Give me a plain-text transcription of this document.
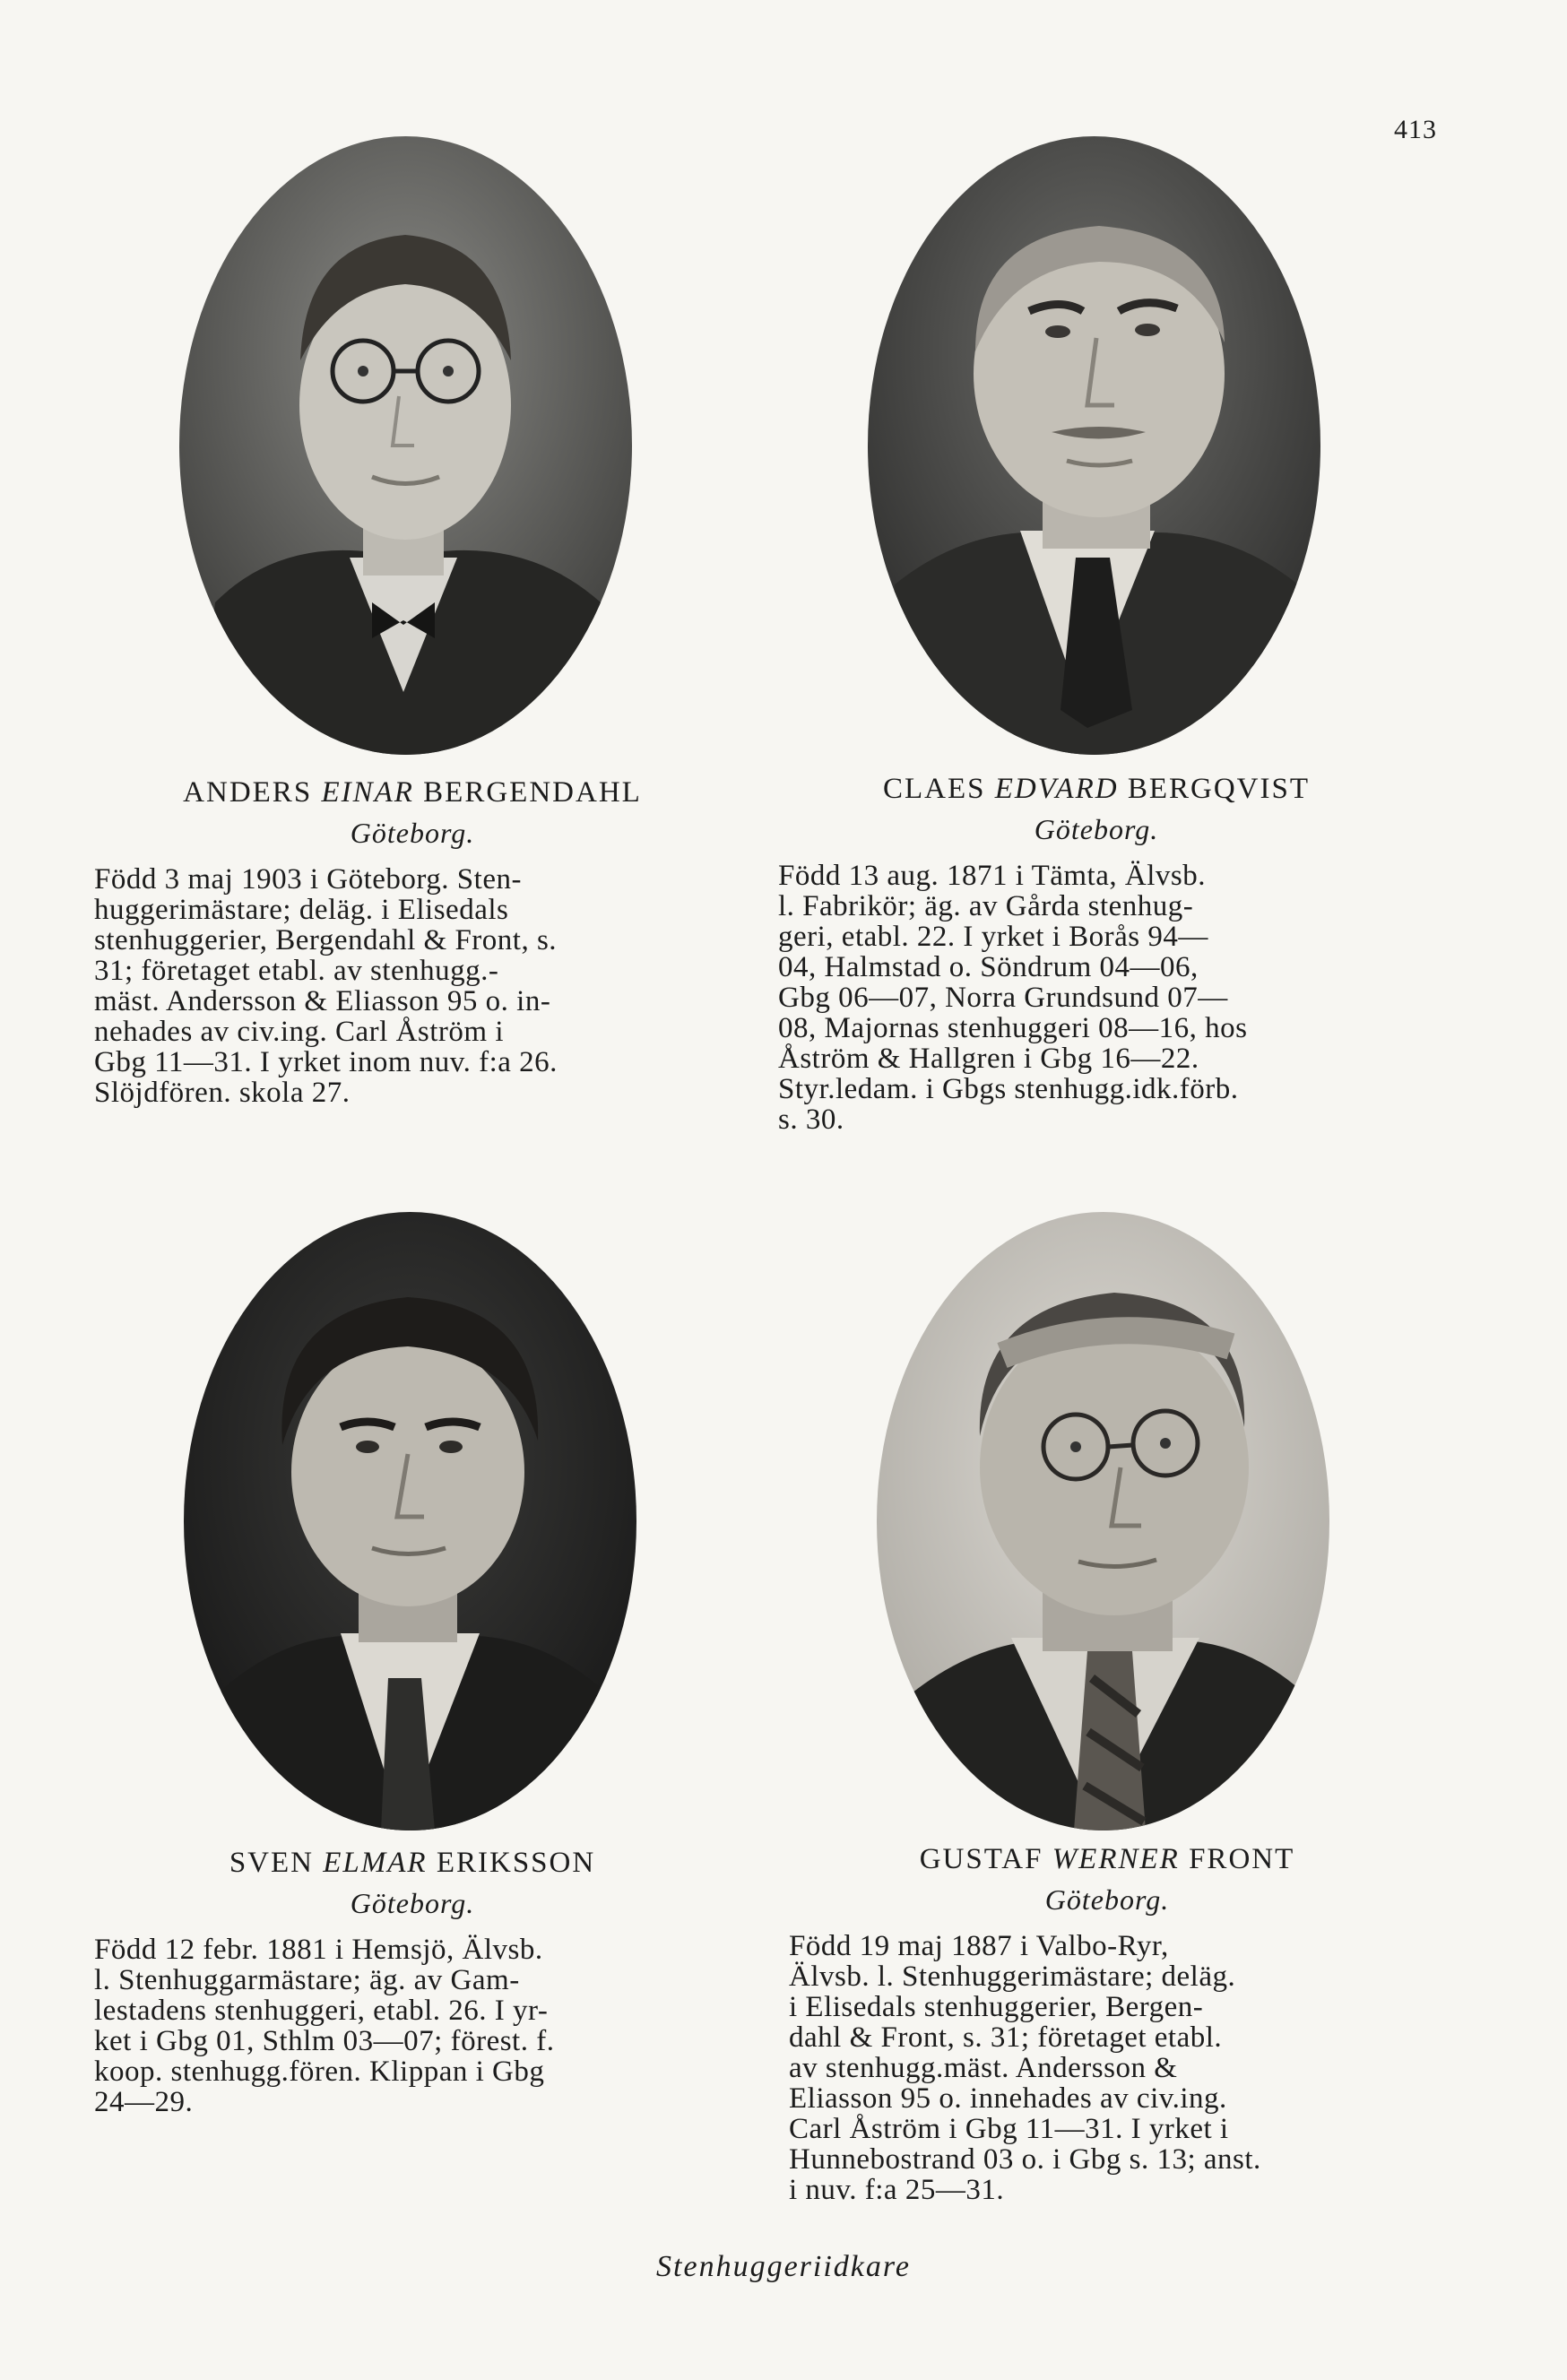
413

ANDERS EINAR BERGENDAHL

Göteborg.

Född 3 maj 1903 i Göteborg. Sten-
huggerimästare; deläg. i Elisedals
stenhuggerier, Bergendahl & Front, s.
31; företaget etabl. av stenhugg.-
mäst. Andersson & Eliasson 95 o. in-
nehades av civ.ing. Carl Åström i
Gbg 11—31. I yrket inom nuv. f:a 26.
Slöjdfören. skola 27.

CLAES EDVARD BERGQVIST

Göteborg.

Född 13 aug. 1871 i Tämta, Älvsb.
l. Fabrikör; äg. av Gårda stenhug-
geri, etabl. 22. I yrket i Borås 94—
04, Halmstad o. Söndrum 04—06,
Gbg 06—07, Norra Grundsund 07—
08, Majornas stenhuggeri 08—16, hos
Åström & Hallgren i Gbg 16—22.
Styr.ledam. i Gbgs stenhugg.idk.förb.
s. 30.

SVEN ELMAR ERIKSSON

Göteborg.

Född 12 febr. 1881 i Hemsjö, Älvsb.
l. Stenhuggarmästare; äg. av Gam-
lestadens stenhuggeri, etabl. 26. I yr-
ket i Gbg 01, Sthlm 03—07; förest. f.
koop. stenhugg.fören. Klippan i Gbg
24—29.

GUSTAF WERNER FRONT

Göteborg.

Född 19 maj 1887 i Valbo-Ryr,
Älvsb. l. Stenhuggerimästare; deläg.
i Elisedals stenhuggerier, Bergen-
dahl & Front, s. 31; företaget etabl.
av stenhugg.mäst. Andersson &
Eliasson 95 o. innehades av civ.ing.
Carl Åström i Gbg 11—31. I yrket i
Hunnebostrand 03 o. i Gbg s. 13; anst.
i nuv. f:a 25—31.

Stenhuggeriidkare
